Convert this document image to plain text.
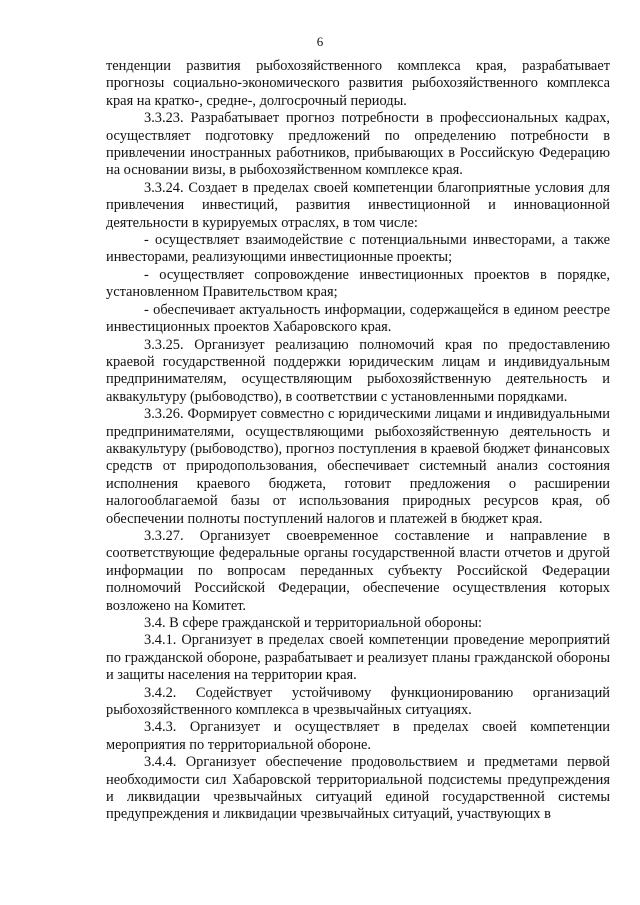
6

тенденции развития рыбохозяйственного комплекса края, разрабатывает прогнозы социально-экономического развития рыбохозяйственного комплекса края на кратко-, средне-, долгосрочный периоды.

3.3.23. Разрабатывает прогноз потребности в профессиональных кадрах, осуществляет подготовку предложений по определению потребности в привлечении иностранных работников, прибывающих в Российскую Федерацию на основании визы, в рыбохозяйственном комплексе края.

3.3.24. Создает в пределах своей компетенции благоприятные условия для привлечения инвестиций, развития инвестиционной и инновационной деятельности в курируемых отраслях, в том числе:

- осуществляет взаимодействие с потенциальными инвесторами, а также инвесторами, реализующими инвестиционные проекты;

- осуществляет сопровождение инвестиционных проектов в порядке, установленном Правительством края;

- обеспечивает актуальность информации, содержащейся в едином реестре инвестиционных проектов Хабаровского края.

3.3.25. Организует реализацию полномочий края по предоставлению краевой государственной поддержки юридическим лицам и индивидуальным предпринимателям, осуществляющим рыбохозяйственную деятельность и аквакультуру (рыбоводство), в соответствии с установленными порядками.

3.3.26. Формирует совместно с юридическими лицами и индивидуальными предпринимателями, осуществляющими рыбохозяйственную деятельность и аквакультуру (рыбоводство), прогноз поступления в краевой бюджет финансовых средств от природопользования, обеспечивает системный анализ состояния исполнения краевого бюджета, готовит предложения о расширении налогооблагаемой базы от использования природных ресурсов края, об обеспечении полноты поступлений налогов и платежей в бюджет края.

3.3.27. Организует своевременное составление и направление в соответствующие федеральные органы государственной власти отчетов и другой информации по вопросам переданных субъекту Российской Федерации полномочий Российской Федерации, обеспечение осуществления которых возложено на Комитет.

3.4. В сфере гражданской и территориальной обороны:

3.4.1. Организует в пределах своей компетенции проведение мероприятий по гражданской обороне, разрабатывает и реализует планы гражданской обороны и защиты населения на территории края.

3.4.2. Содействует устойчивому функционированию организаций рыбохозяйственного комплекса в чрезвычайных ситуациях.

3.4.3. Организует и осуществляет в пределах своей компетенции мероприятия по территориальной обороне.

3.4.4. Организует обеспечение продовольствием и предметами первой необходимости сил Хабаровской территориальной подсистемы предупреждения и ликвидации чрезвычайных ситуаций единой государственной системы предупреждения и ликвидации чрезвычайных ситуаций, участвующих в
